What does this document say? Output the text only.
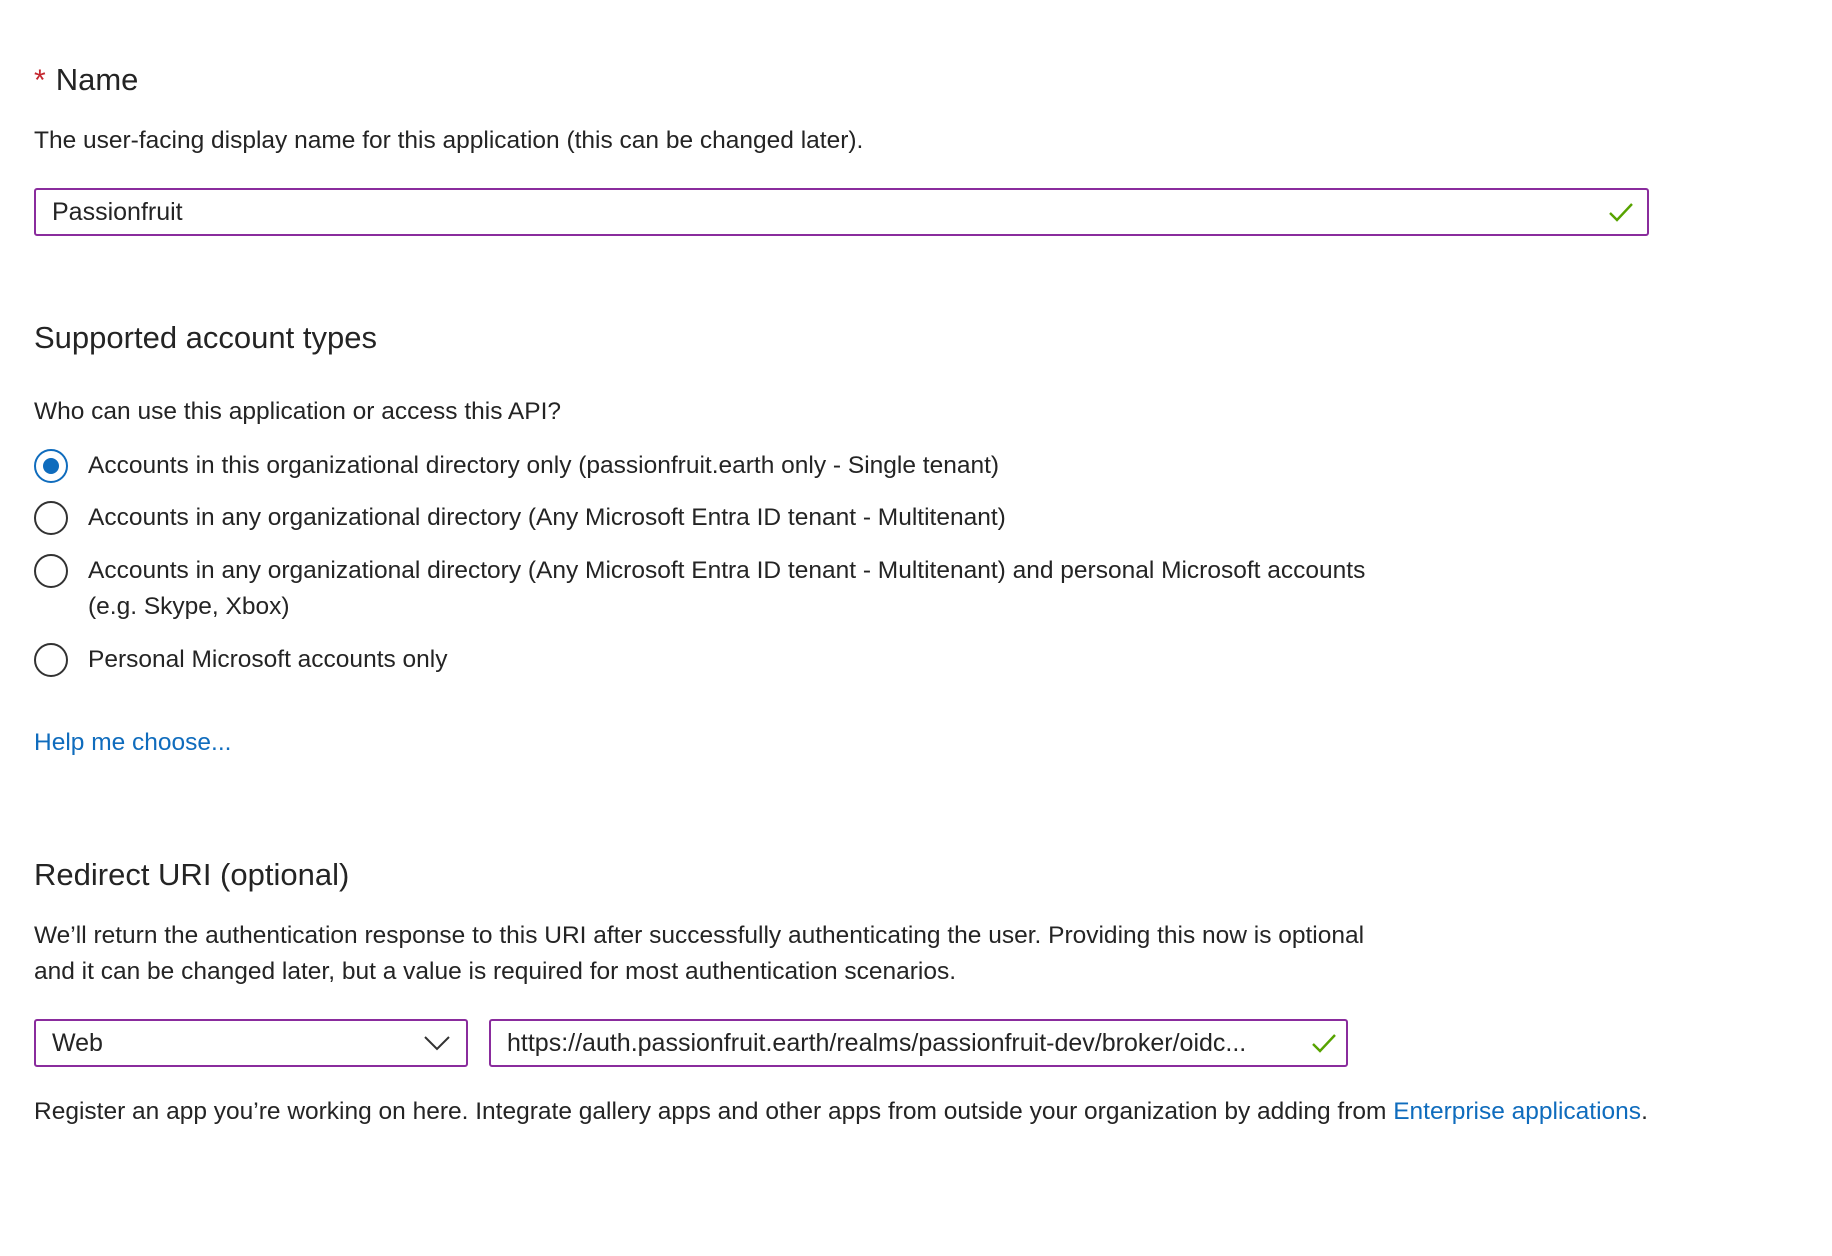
* Name
The user-facing display name for this application (this can be changed later).
Passionfruit
Supported account types
Who can use this application or access this API?
Accounts in this organizational directory only (passionfruit.earth only - Single tenant)
Accounts in any organizational directory (Any Microsoft Entra ID tenant - Multitenant)
Accounts in any organizational directory (Any Microsoft Entra ID tenant - Multitenant) and personal Microsoft accounts (e.g. Skype, Xbox)
Personal Microsoft accounts only
Help me choose...
Redirect URI (optional)
We’ll return the authentication response to this URI after successfully authenticating the user. Providing this now is optional and it can be changed later, but a value is required for most authentication scenarios.
Web	https://auth.passionfruit.earth/realms/passionfruit-dev/broker/oidc...
Register an app you’re working on here. Integrate gallery apps and other apps from outside your organization by adding from Enterprise applications.
